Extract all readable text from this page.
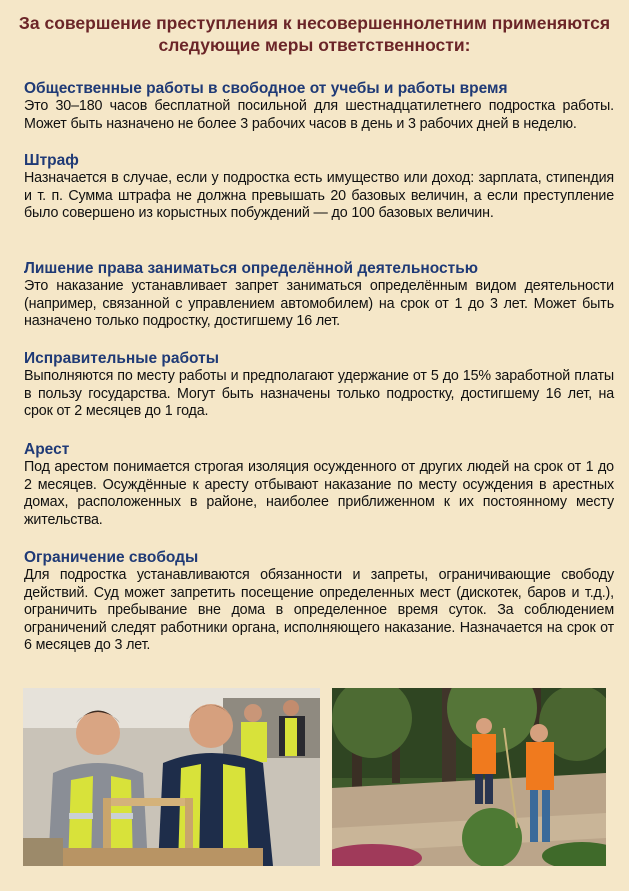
За совершение преступления к несовершеннолетним применяются
следующие меры ответственности:
Общественные работы в свободное от учебы и работы время

Это 30–180 часов бесплатной посильной для шестнадцатилетнего подростка работы. Может быть назначено не более 3 рабочих часов в день и 3 рабочих дней в неделю.

Штраф

Назначается в случае, если у подростка есть имущество или доход: зарплата, стипендия и т. п. Сумма штрафа не должна превышать 20 базовых величин, а если преступление было совершено из корыстных побуждений — до 100 базовых величин.

Лишение права заниматься определённой деятельностью

Это наказание устанавливает запрет заниматься определённым видом деятельности (например, связанной с управлением автомобилем) на срок от 1 до 3 лет. Может быть назначено только подростку, достигшему 16 лет.

Исправительные работы

Выполняются по месту работы и предполагают удержание от 5 до 15% заработной платы в пользу государства. Могут быть назначены только подростку, достигшему 16 лет, на срок от 2 месяцев до 1 года.

Арест

Под арестом понимается строгая изоляция осужденного от других людей на срок от 1 до 2 месяцев. Осуждённые к аресту отбывают наказание по месту осуждения в арестных домах, расположенных в районе, наиболее приближенном к их постоянному месту жительства.

Ограничение свободы

Для подростка устанавливаются обязанности и запреты, ограничивающие свободу действий. Суд может запретить посещение определенных мест (дискотек, баров и т.д.), ограничить пребывание вне дома в определенное время суток. За соблюдением ограничений следят работники органа, исполняющего наказание. Назначается на срок от 6 месяцев до 3 лет.
